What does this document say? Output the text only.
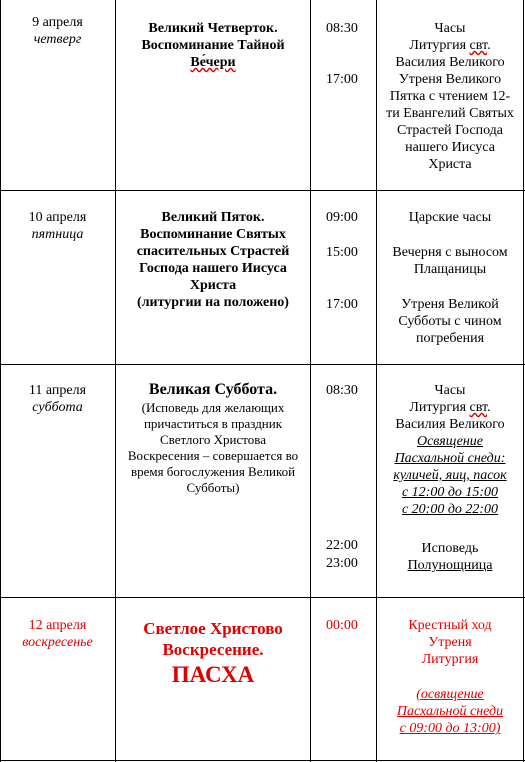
9 апреля
четверг
Великий Четверток.
Воспоминание Тайной
Ве́чери
08:30
17:00
Часы
Литургия свт.
Василия Великого
Утреня Великого
Пятка с чтением 12-
ти Евангелий Святых
Страстей Господа
нашего Иисуса
Христа
10 апреля
пятница
Великий Пяток.
Воспоминание Святых
спасительных Страстей
Господа нашего Иисуса
Христа
(литургии на положено)
09:00
15:00
17:00
Царские часы
Вечерня с выносом
Плащаницы
Утреня Великой
Субботы с чином
погребения
11 апреля
суббота
Великая Суббота.
(Исповедь для желающих
причаститься в праздник
Светлого Христова
Воскресения – совершается во
время богослужения Великой
Субботы)
08:30
22:00
23:00
Часы
Литургия свт.
Василия Великого
Освящение
Пасхальной снеди:
куличей, яиц, пасок
с 12:00 до 15:00
с 20:00 до 22:00
Исповедь
Полунощница
12 апреля
воскресенье
Светлое Христово
Воскресение.
ПАСХА
00:00	Крестный ход
Утреня
Литургия
(освящение
Пасхальной снеди
с 09:00 до 13:00)
